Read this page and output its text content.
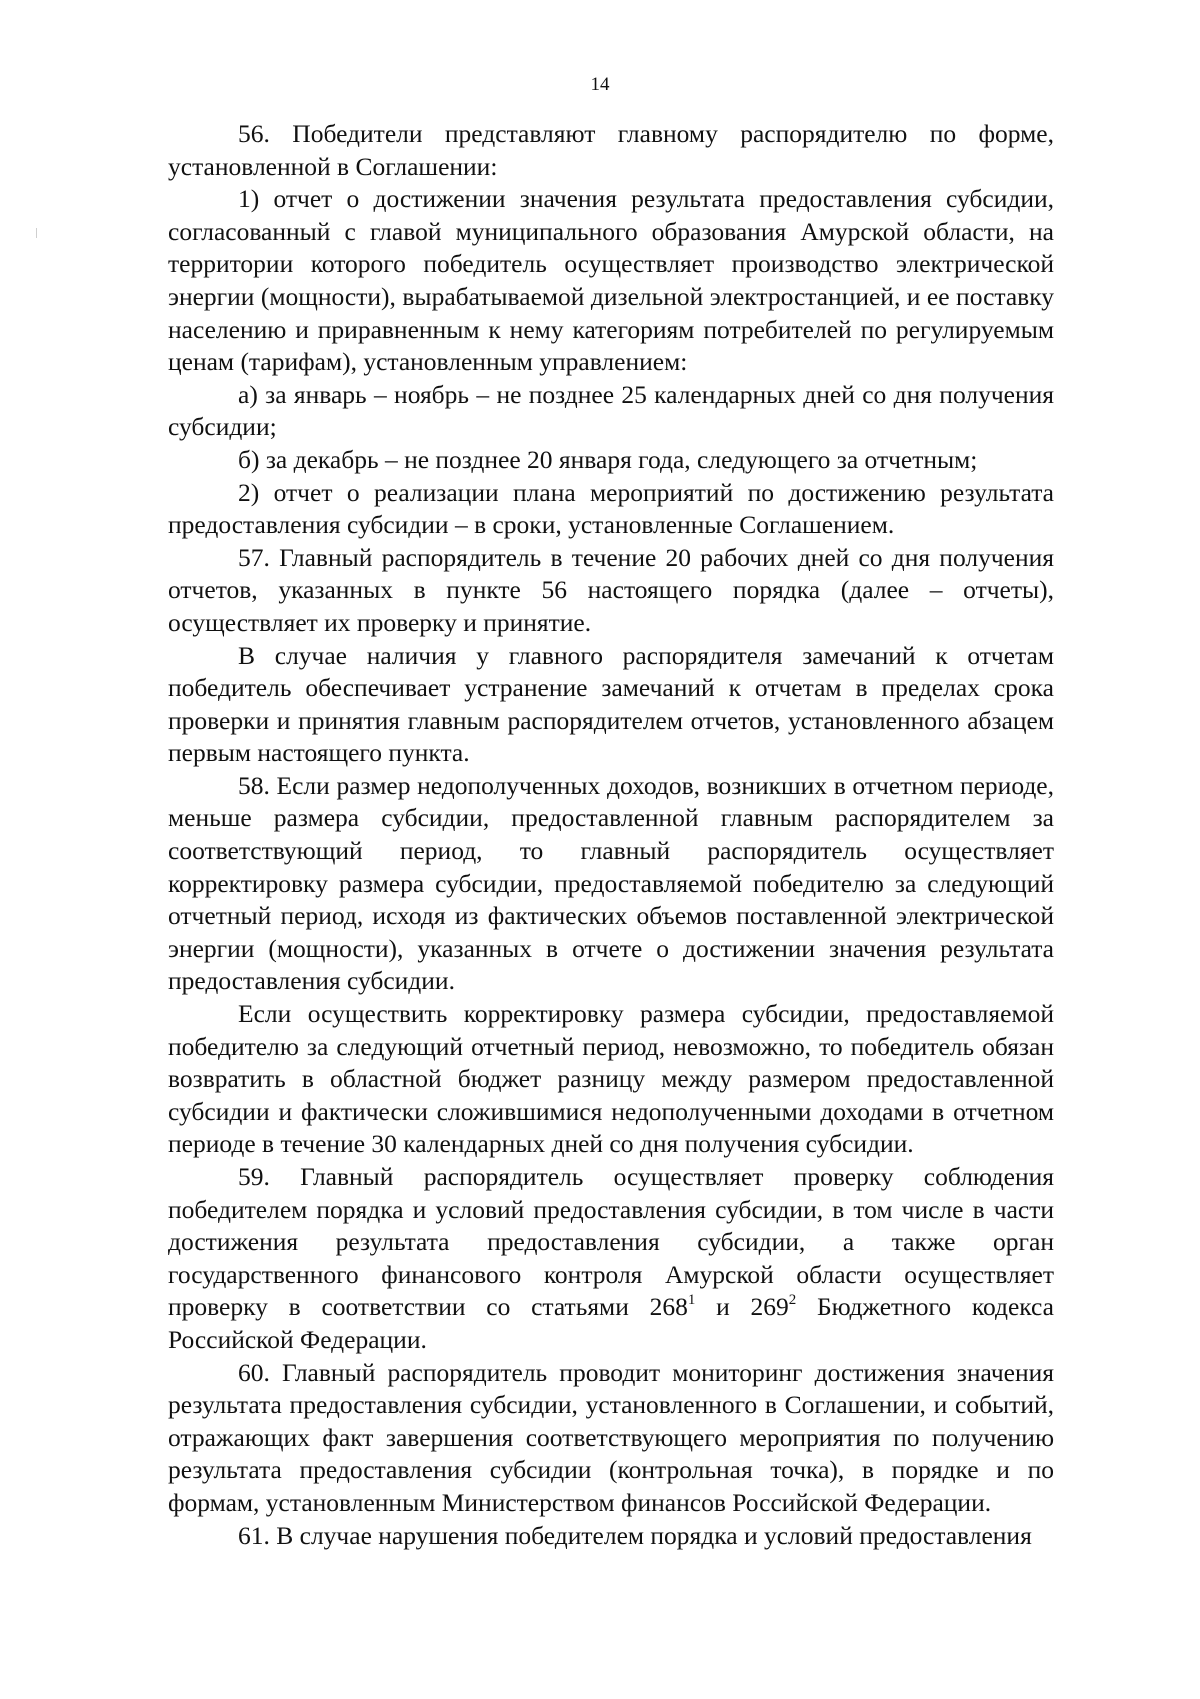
14

56. Победители представляют главному распорядителю по форме, установленной в Соглашении:

1) отчет о достижении значения результата предоставления субсидии, согласованный с главой муниципального образования Амурской области, на территории которого победитель осуществляет производство электрической энергии (мощности), вырабатываемой дизельной электростанцией, и ее поставку населению и приравненным к нему категориям потребителей по регулируемым ценам (тарифам), установленным управлением:

а) за январь – ноябрь – не позднее 25 календарных дней со дня получения субсидии;

б) за декабрь – не позднее 20 января года, следующего за отчетным;

2) отчет о реализации плана мероприятий по достижению результата предоставления субсидии – в сроки, установленные Соглашением.

57. Главный распорядитель в течение 20 рабочих дней со дня получения отчетов, указанных в пункте 56 настоящего порядка (далее – отчеты), осуществляет их проверку и принятие.

В случае наличия у главного распорядителя замечаний к отчетам победитель обеспечивает устранение замечаний к отчетам в пределах срока проверки и принятия главным распорядителем отчетов, установленного абзацем первым настоящего пункта.

58. Если размер недополученных доходов, возникших в отчетном периоде, меньше размера субсидии, предоставленной главным распорядителем за соответствующий период, то главный распорядитель осуществляет корректировку размера субсидии, предоставляемой победителю за следующий отчетный период, исходя из фактических объемов поставленной электрической энергии (мощности), указанных в отчете о достижении значения результата предоставления субсидии.

Если осуществить корректировку размера субсидии, предоставляемой победителю за следующий отчетный период, невозможно, то победитель обязан возвратить в областной бюджет разницу между размером предоставленной субсидии и фактически сложившимися недополученными доходами в отчетном периоде в течение 30 календарных дней со дня получения субсидии.

59. Главный распорядитель осуществляет проверку соблюдения победителем порядка и условий предоставления субсидии, в том числе в части достижения результата предоставления субсидии, а также орган государственного финансового контроля Амурской области осуществляет проверку в соответствии со статьями $268^1$ и $269^2$ Бюджетного кодекса Российской Федерации.

60. Главный распорядитель проводит мониторинг достижения значения результата предоставления субсидии, установленного в Соглашении, и событий, отражающих факт завершения соответствующего мероприятия по получению результата предоставления субсидии (контрольная точка), в порядке и по формам, установленным Министерством финансов Российской Федерации.

61. В случае нарушения победителем порядка и условий предоставления
